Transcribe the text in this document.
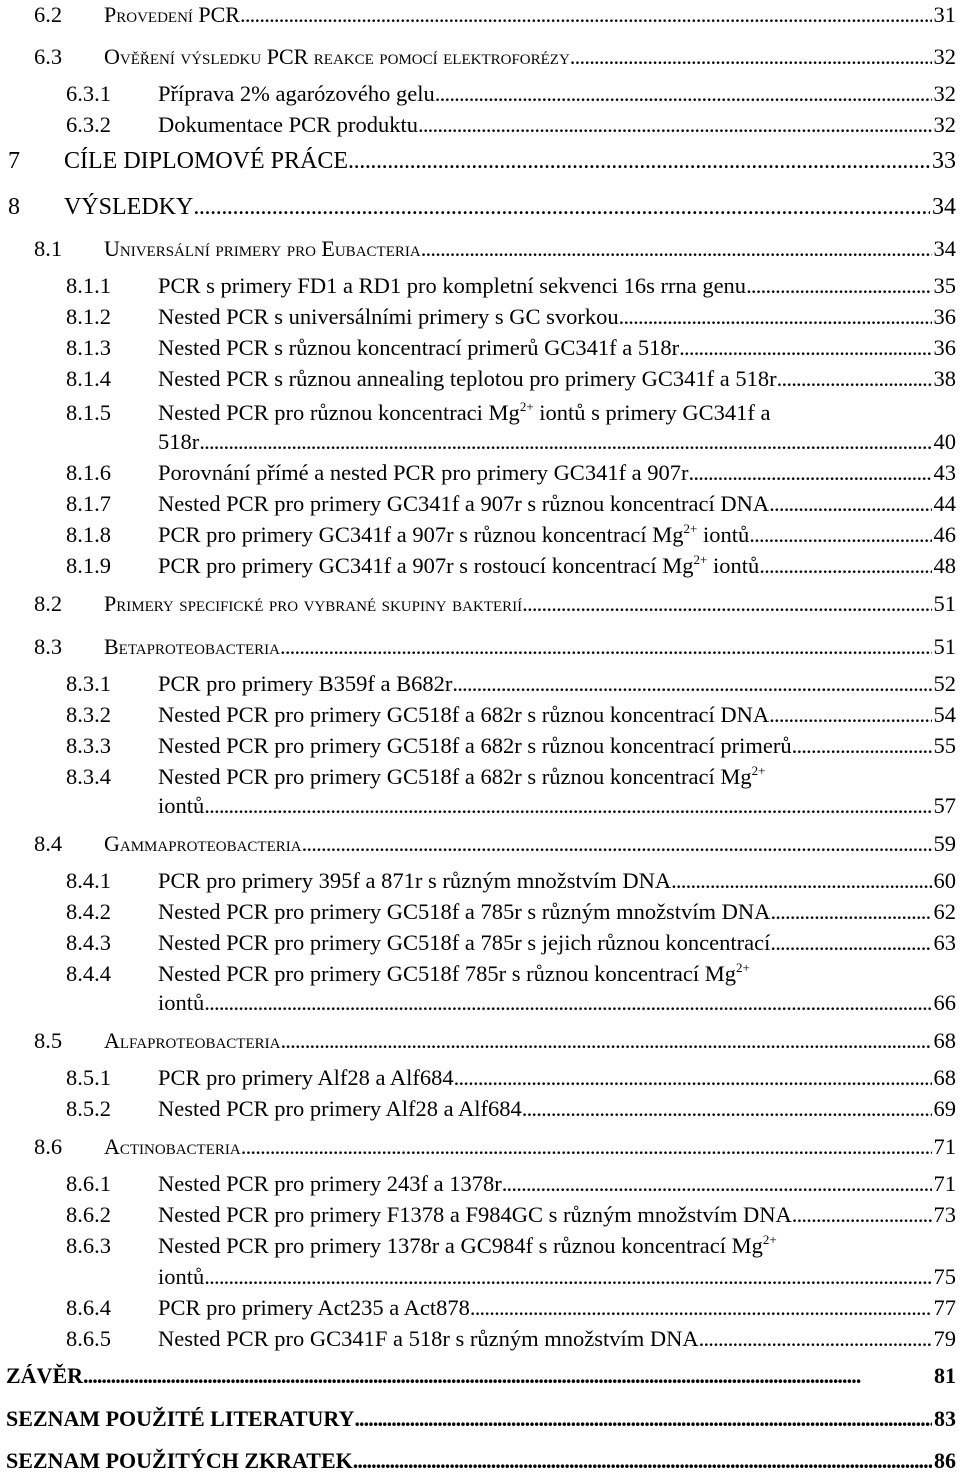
6.2	Provedení PCR . . .	31
6.3	Ověření výsledku PCR reakce pomocí elektroforézy . . .	32
6.3.1	Příprava 2% agarózového gelu . . .	32
6.3.2	Dokumentace PCR produktu . . .	32
7	CÍLE DIPLOMOVÉ PRÁCE . . .	33
8	VÝSLEDKY . . .	34
8.1	Universální primery pro Eubacteria . . .	34
8.1.1	PCR s primery FD1 a RD1 pro kompletní sekvenci 16s rrna genu . . .	35
8.1.2	Nested PCR s universálními primery s GC svorkou . . .	36
8.1.3	Nested PCR s různou koncentrací primerů GC341f a 518r . . .	36
8.1.4	Nested PCR s různou annealing teplotou pro primery GC341f a 518r . . .	38
8.1.5	Nested PCR pro různou koncentraci $Mg^{2+}$ iontů s primery GC341f a
518r . . .	40
8.1.6	Porovnání přímé a nested PCR pro primery GC341f a 907r . . .	43
8.1.7	Nested PCR pro primery GC341f a 907r s různou koncentrací DNA . . .	44
8.1.8	PCR pro primery GC341f a 907r s různou koncentrací $Mg^{2+}$ iontů . . .	46
8.1.9	PCR pro primery GC341f a 907r s rostoucí koncentrací $Mg^{2+}$ iontů . . .	48
8.2	Primery specifické pro vybrané skupiny bakterií . . .	51
8.3	Betaproteobacteria . . .	51
8.3.1	PCR pro primery B359f a B682r . . .	52
8.3.2	Nested PCR pro primery GC518f a 682r s různou koncentrací DNA . . .	54
8.3.3	Nested PCR pro primery GC518f a 682r s různou koncentrací primerů . . .	55
8.3.4	Nested PCR pro primery GC518f a 682r s různou koncentrací $Mg^{2+}$
iontů . . .	57
8.4	Gammaproteobacteria . . .	59
8.4.1	PCR pro primery 395f a 871r s různým množstvím DNA . . .	60
8.4.2	Nested PCR pro primery GC518f a 785r s různým množstvím DNA . . .	62
8.4.3	Nested PCR pro primery GC518f a 785r s jejich různou koncentrací . . .	63
8.4.4	Nested PCR pro primery GC518f 785r s různou koncentrací $Mg^{2+}$
iontů . . .	66
8.5	Alfaproteobacteria . . .	68
8.5.1	PCR pro primery Alf28 a Alf684 . . .	68
8.5.2	Nested PCR pro primery Alf28 a Alf684 . . .	69
8.6	Actinobacteria . . .	71
8.6.1	Nested PCR pro primery 243f a 1378r . . .	71
8.6.2	Nested PCR pro primery F1378 a F984GC s různým množstvím DNA . . .	73
8.6.3	Nested PCR pro primery 1378r a GC984f s různou koncentrací $Mg^{2+}$
iontů . . .	75
8.6.4	PCR pro primery Act235 a Act878 . . .	77
8.6.5	Nested PCR pro GC341F a 518r s různým množstvím DNA . . .	79
ZÁVĚR . . .	81
SEZNAM POUŽITÉ LITERATURY . . .	83
SEZNAM POUŽITÝCH ZKRATEK . . .	86
